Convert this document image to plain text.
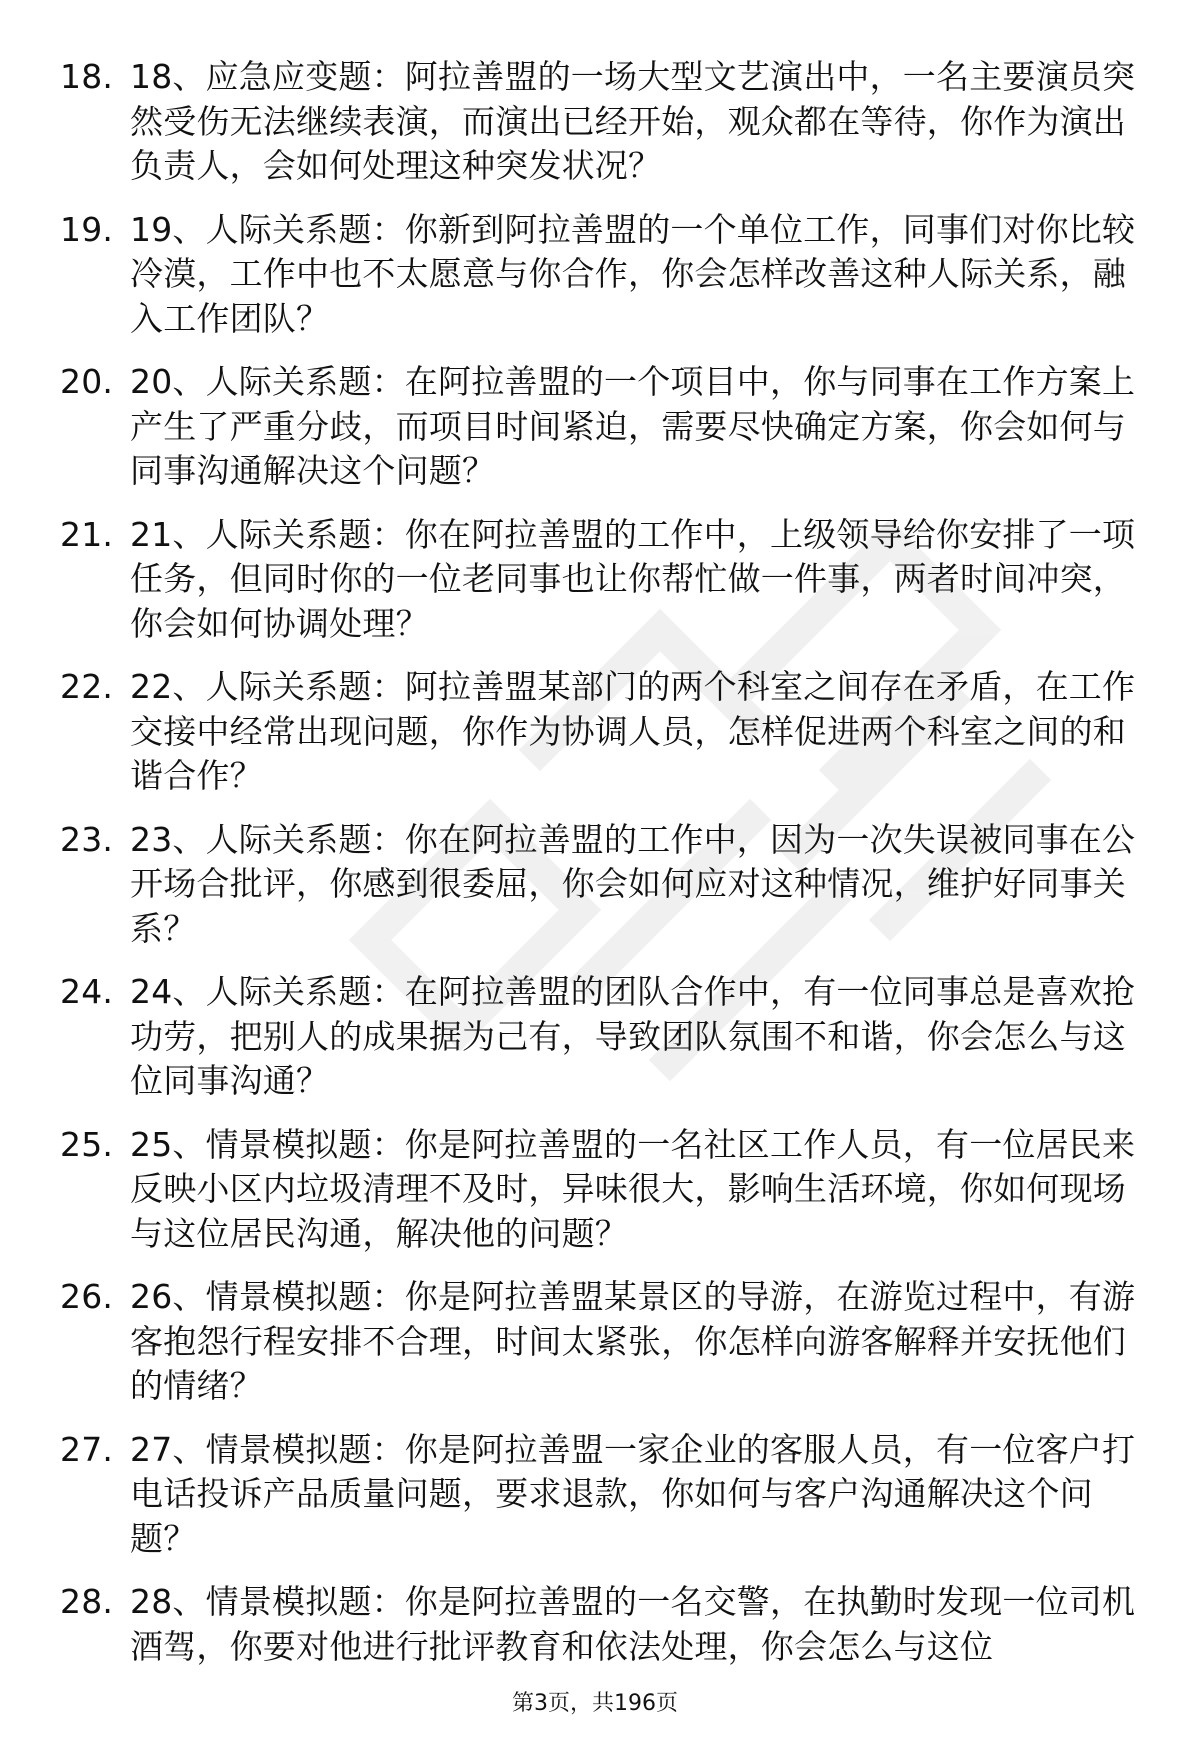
18. 18、应急应变题：阿拉善盟的一场大型文艺演出中，一名主要演员突然受伤无法继续表演，而演出已经开始，观众都在等待，你作为演出负责人，会如何处理这种突发状况？
19. 19、人际关系题：你新到阿拉善盟的一个单位工作，同事们对你比较冷漠，工作中也不太愿意与你合作，你会怎样改善这种人际关系，融入工作团队？
20. 20、人际关系题：在阿拉善盟的一个项目中，你与同事在工作方案上产生了严重分歧，而项目时间紧迫，需要尽快确定方案，你会如何与同事沟通解决这个问题？
21. 21、人际关系题：你在阿拉善盟的工作中，上级领导给你安排了一项任务，但同时你的一位老同事也让你帮忙做一件事，两者时间冲突，你会如何协调处理？
22. 22、人际关系题：阿拉善盟某部门的两个科室之间存在矛盾，在工作交接中经常出现问题，你作为协调人员，怎样促进两个科室之间的和谐合作？
23. 23、人际关系题：你在阿拉善盟的工作中，因为一次失误被同事在公开场合批评，你感到很委屈，你会如何应对这种情况，维护好同事关系？
24. 24、人际关系题：在阿拉善盟的团队合作中，有一位同事总是喜欢抢功劳，把别人的成果据为己有，导致团队氛围不和谐，你会怎么与这位同事沟通？
25. 25、情景模拟题：你是阿拉善盟的一名社区工作人员，有一位居民来反映小区内垃圾清理不及时，异味很大，影响生活环境，你如何现场与这位居民沟通，解决他的问题？
26. 26、情景模拟题：你是阿拉善盟某景区的导游，在游览过程中，有游客抱怨行程安排不合理，时间太紧张，你怎样向游客解释并安抚他们的情绪？
27. 27、情景模拟题：你是阿拉善盟一家企业的客服人员，有一位客户打电话投诉产品质量问题，要求退款，你如何与客户沟通解决这个问题？
28. 28、情景模拟题：你是阿拉善盟的一名交警，在执勤时发现一位司机酒驾，你要对他进行批评教育和依法处理，你会怎么与这位
第3页，共196页
